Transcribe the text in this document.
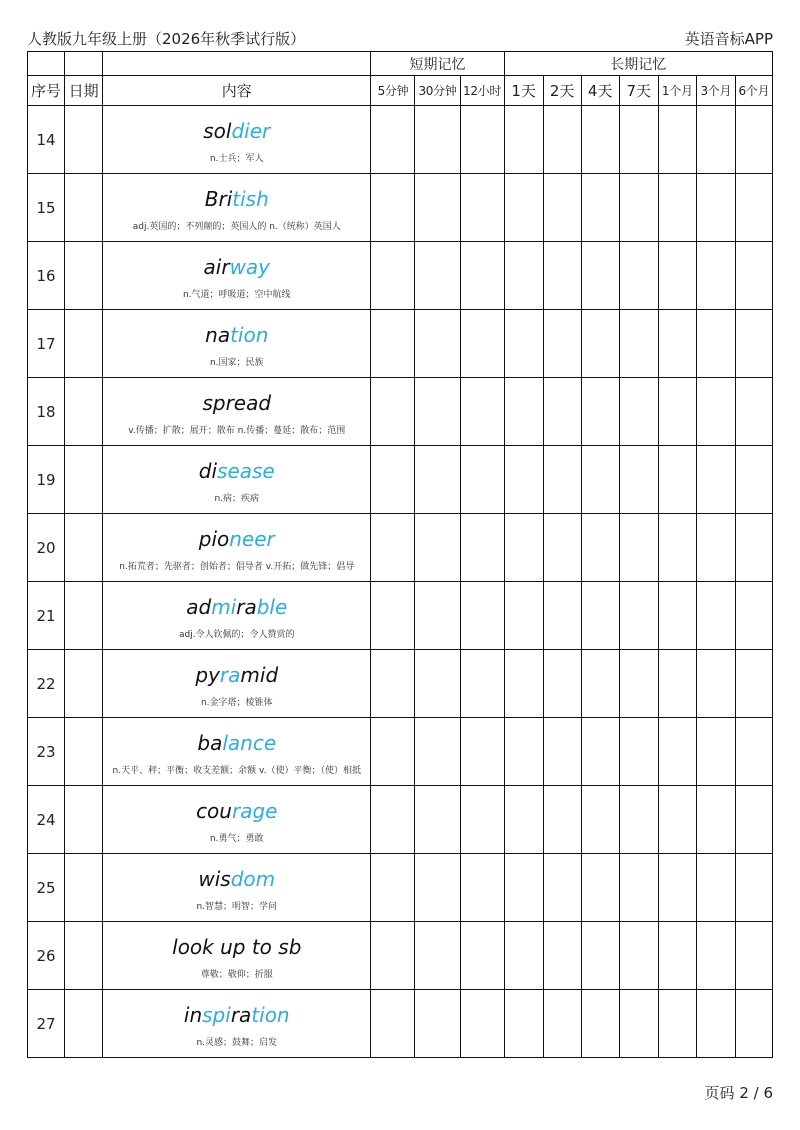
人教版九年级上册（2026年秋季试行版）	英语音标APP
			短期记忆			长期记忆						
序号	日期	内容	5分钟	30分钟	12小时	1天	2天	4天	7天	1个月	3个月	6个月
14		soldier
n.士兵；军人										

15		British
adj.英国的；不列颠的；英国人的 n.（统称）英国人										

16		airway
n.气道；呼吸道；空中航线										

17		nation
n.国家；民族										

18		spread
v.传播；扩散；展开；散布 n.传播；蔓延；散布；范围										

19		disease
n.病；疾病										

20		pioneer
n.拓荒者；先驱者；创始者；倡导者 v.开拓；做先锋；倡导										

21		admirable
adj.令人钦佩的；令人赞赏的										

22		pyramid
n.金字塔；棱锥体										

23		balance
n.天平、秤；平衡；收支差额；余额 v.（使）平衡；（使）相抵										

24		courage
n.勇气；勇敢										

25		wisdom
n.智慧；明智；学问										

26		look up to sb
尊敬；敬仰；折服										

27		inspiration
n.灵感；鼓舞；启发										

页码 2 / 6
